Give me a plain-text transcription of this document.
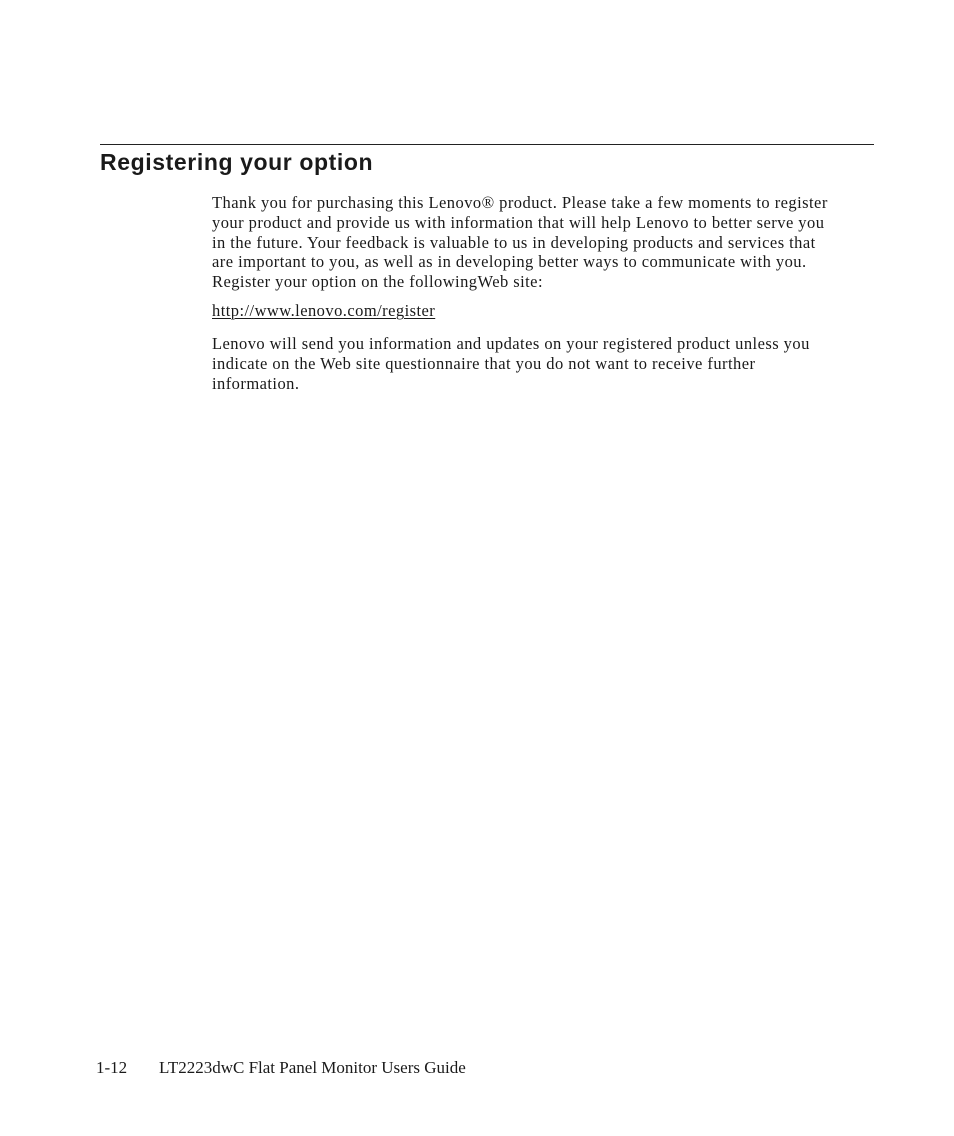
Registering your option

Thank you for purchasing this Lenovo® product. Please take a few moments to register
your product and provide us with information that will help Lenovo to better serve you
in the future. Your feedback is valuable to us in developing products and services that
are important to you, as well as in developing better ways to communicate with you.
Register your option on the followingWeb site:

http://www.lenovo.com/register

Lenovo will send you information and updates on your registered product unless you
indicate on the Web site questionnaire that you do not want to receive further
information.

1-12 LT2223dwC Flat Panel Monitor Users Guide
